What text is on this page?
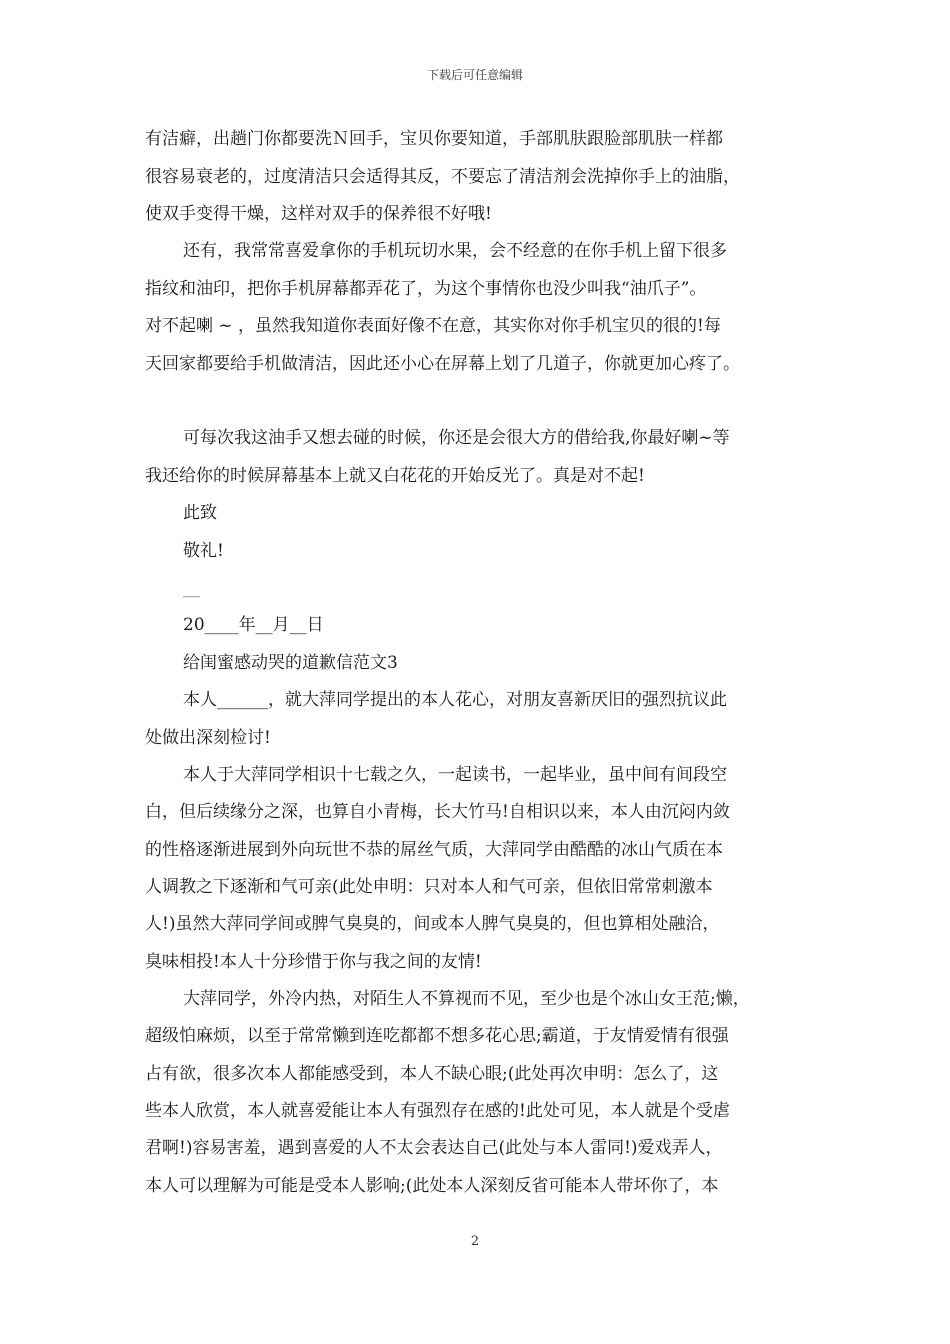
下载后可任意编辑

有洁癖，出趟门你都要洗Ｎ回手，宝贝你要知道，手部肌肤跟脸部肌肤一样都

很容易衰老的，过度清洁只会适得其反，不要忘了清洁剂会洗掉你手上的油脂，

使双手变得干燥，这样对双手的保养很不好哦!

还有，我常常喜爱拿你的手机玩切水果，会不经意的在你手机上留下很多

指纹和油印，把你手机屏幕都弄花了，为这个事情你也没少叫我“油爪子”。

对不起喇 ~ ，虽然我知道你表面好像不在意，其实你对你手机宝贝的很的!每

天回家都要给手机做清洁，因此还小心在屏幕上划了几道子，你就更加心疼了。

可每次我这油手又想去碰的时候，你还是会很大方的借给我,你最好喇~等

我还给你的时候屏幕基本上就又白花花的开始反光了。真是对不起!

此致

敬礼!

__

20____年__月__日

给闺蜜感动哭的道歉信范文3

本人______，就大萍同学提出的本人花心，对朋友喜新厌旧的强烈抗议此

处做出深刻检讨!

本人于大萍同学相识十七载之久，一起读书，一起毕业，虽中间有间段空

白，但后续缘分之深，也算自小青梅，长大竹马!自相识以来，本人由沉闷内敛

的性格逐渐进展到外向玩世不恭的屌丝气质，大萍同学由酷酷的冰山气质在本

人调教之下逐渐和气可亲(此处申明：只对本人和气可亲，但依旧常常刺激本

人!)虽然大萍同学间或脾气臭臭的，间或本人脾气臭臭的，但也算相处融洽，

臭味相投!本人十分珍惜于你与我之间的友情!

大萍同学，外冷内热，对陌生人不算视而不见，至少也是个冰山女王范;懒，

超级怕麻烦，以至于常常懒到连吃都都不想多花心思;霸道，于友情爱情有很强

占有欲，很多次本人都能感受到，本人不缺心眼;(此处再次申明：怎么了，这

些本人欣赏，本人就喜爱能让本人有强烈存在感的!此处可见，本人就是个受虐

君啊!)容易害羞，遇到喜爱的人不太会表达自己(此处与本人雷同!)爱戏弄人，

本人可以理解为可能是受本人影响;(此处本人深刻反省可能本人带坏你了，本

2
